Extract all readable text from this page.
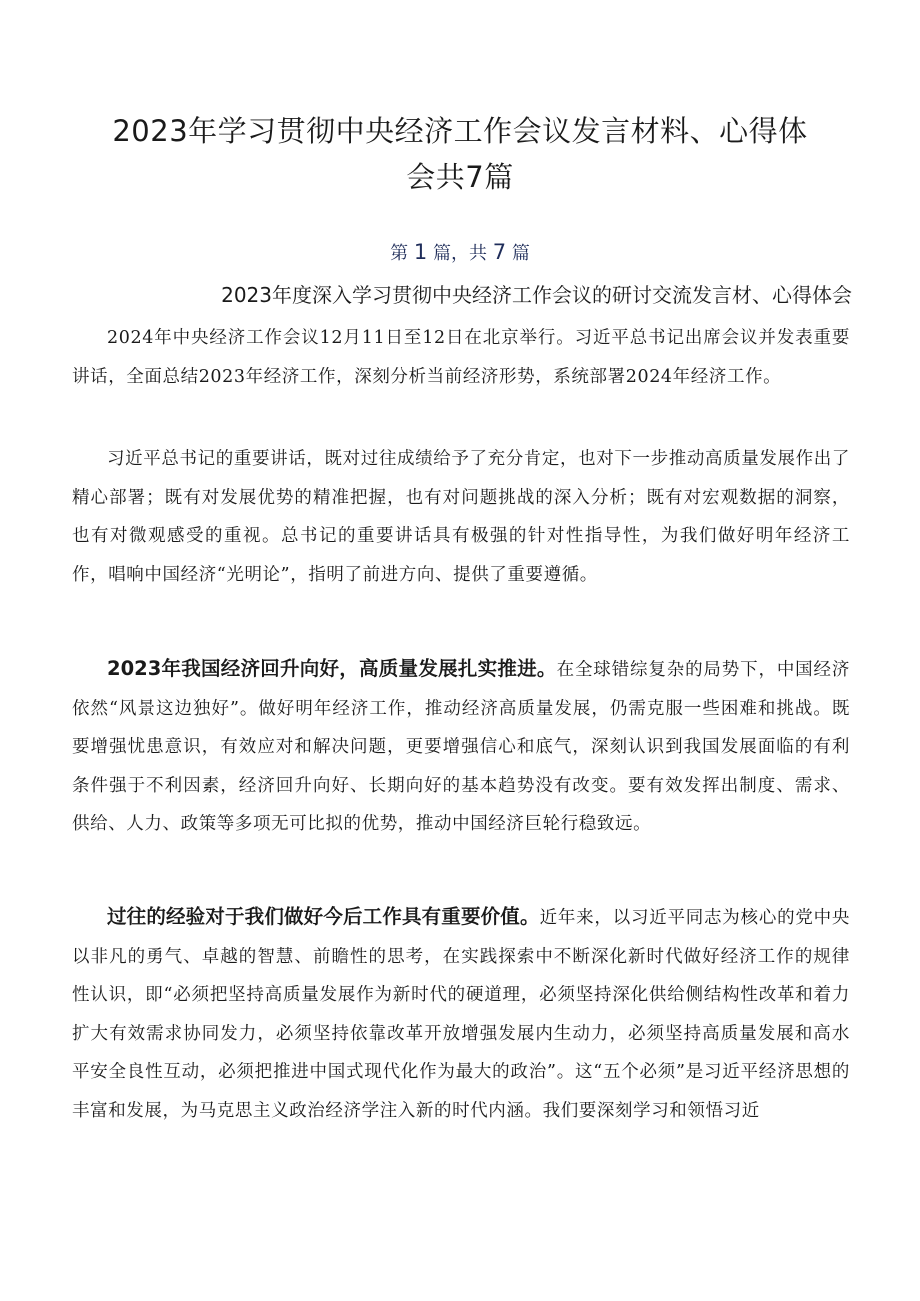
2023年学习贯彻中央经济工作会议发言材料、心得体会共7篇
第 1 篇，共 7 篇
2023年度深入学习贯彻中央经济工作会议的研讨交流发言材、心得体会

2024年中央经济工作会议12月11日至12日在北京举行。习近平总书记出席会议并发表重要讲话，全面总结2023年经济工作，深刻分析当前经济形势，系统部署2024年经济工作。

习近平总书记的重要讲话，既对过往成绩给予了充分肯定，也对下一步推动高质量发展作出了精心部署；既有对发展优势的精准把握，也有对问题挑战的深入分析；既有对宏观数据的洞察，也有对微观感受的重视。总书记的重要讲话具有极强的针对性指导性，为我们做好明年经济工作，唱响中国经济“光明论”，指明了前进方向、提供了重要遵循。

2023年我国经济回升向好，高质量发展扎实推进。在全球错综复杂的局势下，中国经济依然“风景这边独好”。做好明年经济工作，推动经济高质量发展，仍需克服一些困难和挑战。既要增强忧患意识，有效应对和解决问题，更要增强信心和底气，深刻认识到我国发展面临的有利条件强于不利因素，经济回升向好、长期向好的基本趋势没有改变。要有效发挥出制度、需求、供给、人力、政策等多项无可比拟的优势，推动中国经济巨轮行稳致远。

过往的经验对于我们做好今后工作具有重要价值。近年来，以习近平同志为核心的党中央以非凡的勇气、卓越的智慧、前瞻性的思考，在实践探索中不断深化新时代做好经济工作的规律性认识，即“必须把坚持高质量发展作为新时代的硬道理，必须坚持深化供给侧结构性改革和着力扩大有效需求协同发力，必须坚持依靠改革开放增强发展内生动力，必须坚持高质量发展和高水平安全良性互动，必须把推进中国式现代化作为最大的政治”。这“五个必须”是习近平经济思想的丰富和发展，为马克思主义政治经济学注入新的时代内涵。我们要深刻学习和领悟习近
